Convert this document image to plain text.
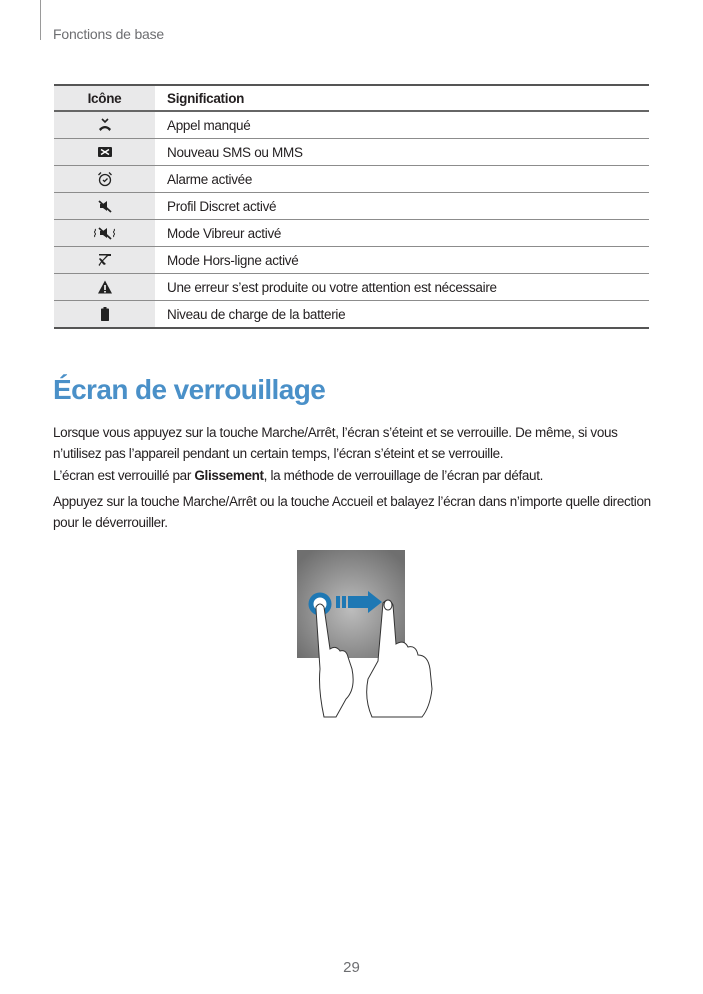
Fonctions de base
Icône	Signification
	Appel manqué
	Nouveau SMS ou MMS
	Alarme activée
	Profil Discret activé
	Mode Vibreur activé
	Mode Hors-ligne activé
	Une erreur s’est produite ou votre attention est nécessaire
	Niveau de charge de la batterie
Écran de verrouillage

Lorsque vous appuyez sur la touche Marche/Arrêt, l’écran s’éteint et se verrouille. De même, si vous n’utilisez pas l’appareil pendant un certain temps, l’écran s’éteint et se verrouille.

L’écran est verrouillé par Glissement, la méthode de verrouillage de l’écran par défaut.

Appuyez sur la touche Marche/Arrêt ou la touche Accueil et balayez l’écran dans n’importe quelle direction pour le déverrouiller.

29
